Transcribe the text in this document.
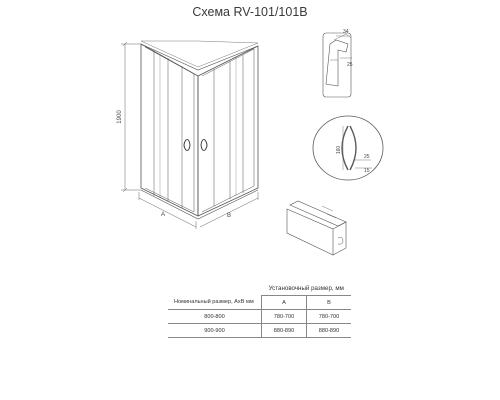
Схема RV-101/101B
1900
A	B
34
25
160
25
15
	Установочный размер, мм	
Номинальный размер, AxB мм	A	B
800-800	780-700	780-700
900-900	880-890	880-890
